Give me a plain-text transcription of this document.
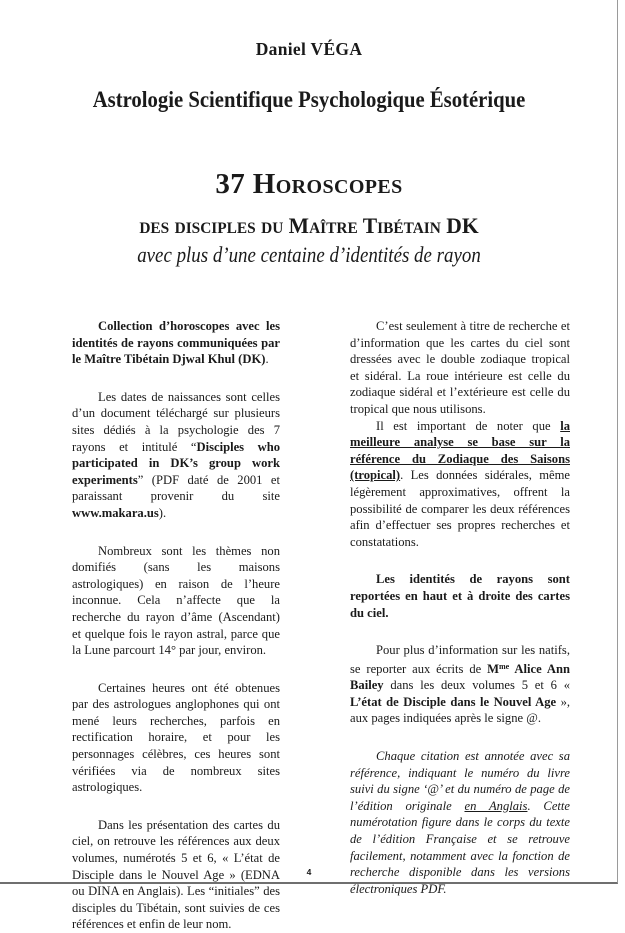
Daniel VÉGA

Astrologie Scientifique Psychologique Ésotérique

37 Horoscopes

des disciples du Maître Tibétain DK

avec plus d’une centaine d’identités de rayon

Collection d’horoscopes avec les identités de rayons communiquées par le Maître Tibétain Djwal Khul (DK).

Les dates de naissances sont celles d’un document téléchargé sur plusieurs sites dédiés à la psychologie des 7 rayons et intitulé “Disciples who participated in DK’s group work experiments” (PDF daté de 2001 et paraissant provenir du site www.makara.us).

Nombreux sont les thèmes non domifiés (sans les maisons astrologiques) en raison de l’heure inconnue. Cela n’affecte que la recherche du rayon d’âme (Ascendant) et quelque fois le rayon astral, parce que la Lune parcourt 14° par jour, environ.

Certaines heures ont été obtenues par des astrologues anglophones qui ont mené leurs recherches, parfois en rectification horaire, et pour les personnages célèbres, ces heures sont vérifiées via de nombreux sites astrologiques.

Dans les présentation des cartes du ciel, on retrouve les références aux deux volumes, numérotés 5 et 6, « L’état de Disciple dans le Nouvel Age » (EDNA ou DINA en Anglais). Les “initiales” des disciples du Tibétain, sont suivies de ces références et enfin de leur nom.

C’est seulement à titre de recherche et d’information que les cartes du ciel sont dressées avec le double zodiaque tropical et sidéral. La roue intérieure est celle du zodiaque sidéral et l’extérieure est celle du tropical que nous utilisons.

Il est important de noter que la meilleure analyse se base sur la référence du Zodiaque des Saisons (tropical). Les données sidérales, même légèrement approximatives, offrent la possibilité de comparer les deux références afin d’effectuer ses propres recherches et constatations.

Les identités de rayons sont reportées en haut et à droite des cartes du ciel.

Pour plus d’information sur les natifs, se reporter aux écrits de $M^{me}$ Alice Ann Bailey dans les deux volumes 5 et 6 « L’état de Disciple dans le Nouvel Age », aux pages indiquées après le signe @.

Chaque citation est annotée avec sa référence, indiquant le numéro du livre suivi du signe ‘@’ et du numéro de page de l’édition originale en Anglais. Cette numérotation figure dans le corps du texte de l’édition Française et se retrouve facilement, notamment avec la fonction de recherche disponible dans les versions électroniques PDF.

4
